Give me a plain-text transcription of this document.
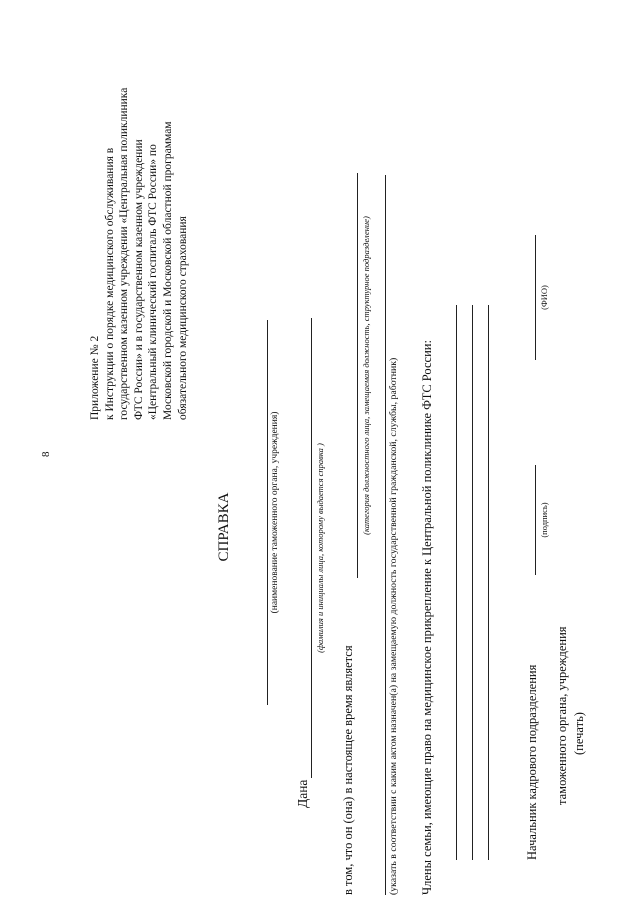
8
Приложение № 2 к Инструкции о порядке медицинского обслуживания в государственном казенном учреждении «Центральная поликлиника ФТС России» и в государственном казенном учреждении «Центральный клинический госпиталь ФТС России» по Московской городской и Московской областной программам обязательного медицинского страхования
СПРАВКА	(наименование таможенного органа, учреждения)
Дана
(фамилия и инициалы лица, которому выдается справка )
в том, что он (она) в настоящее время является
(категория должностного лица, замещаемая должность, структурное подразделение) (указать в соответствии с каким актом назначен(а) на замещаемую должность государственной гражданской, службы, работник) Члены семьи, имеющие право на медицинское прикрепление к Центральной поликлинике ФТС России:	Начальник кадрового подразделения таможенного органа, учреждения (печать)
(подпись)
(ФИО)
